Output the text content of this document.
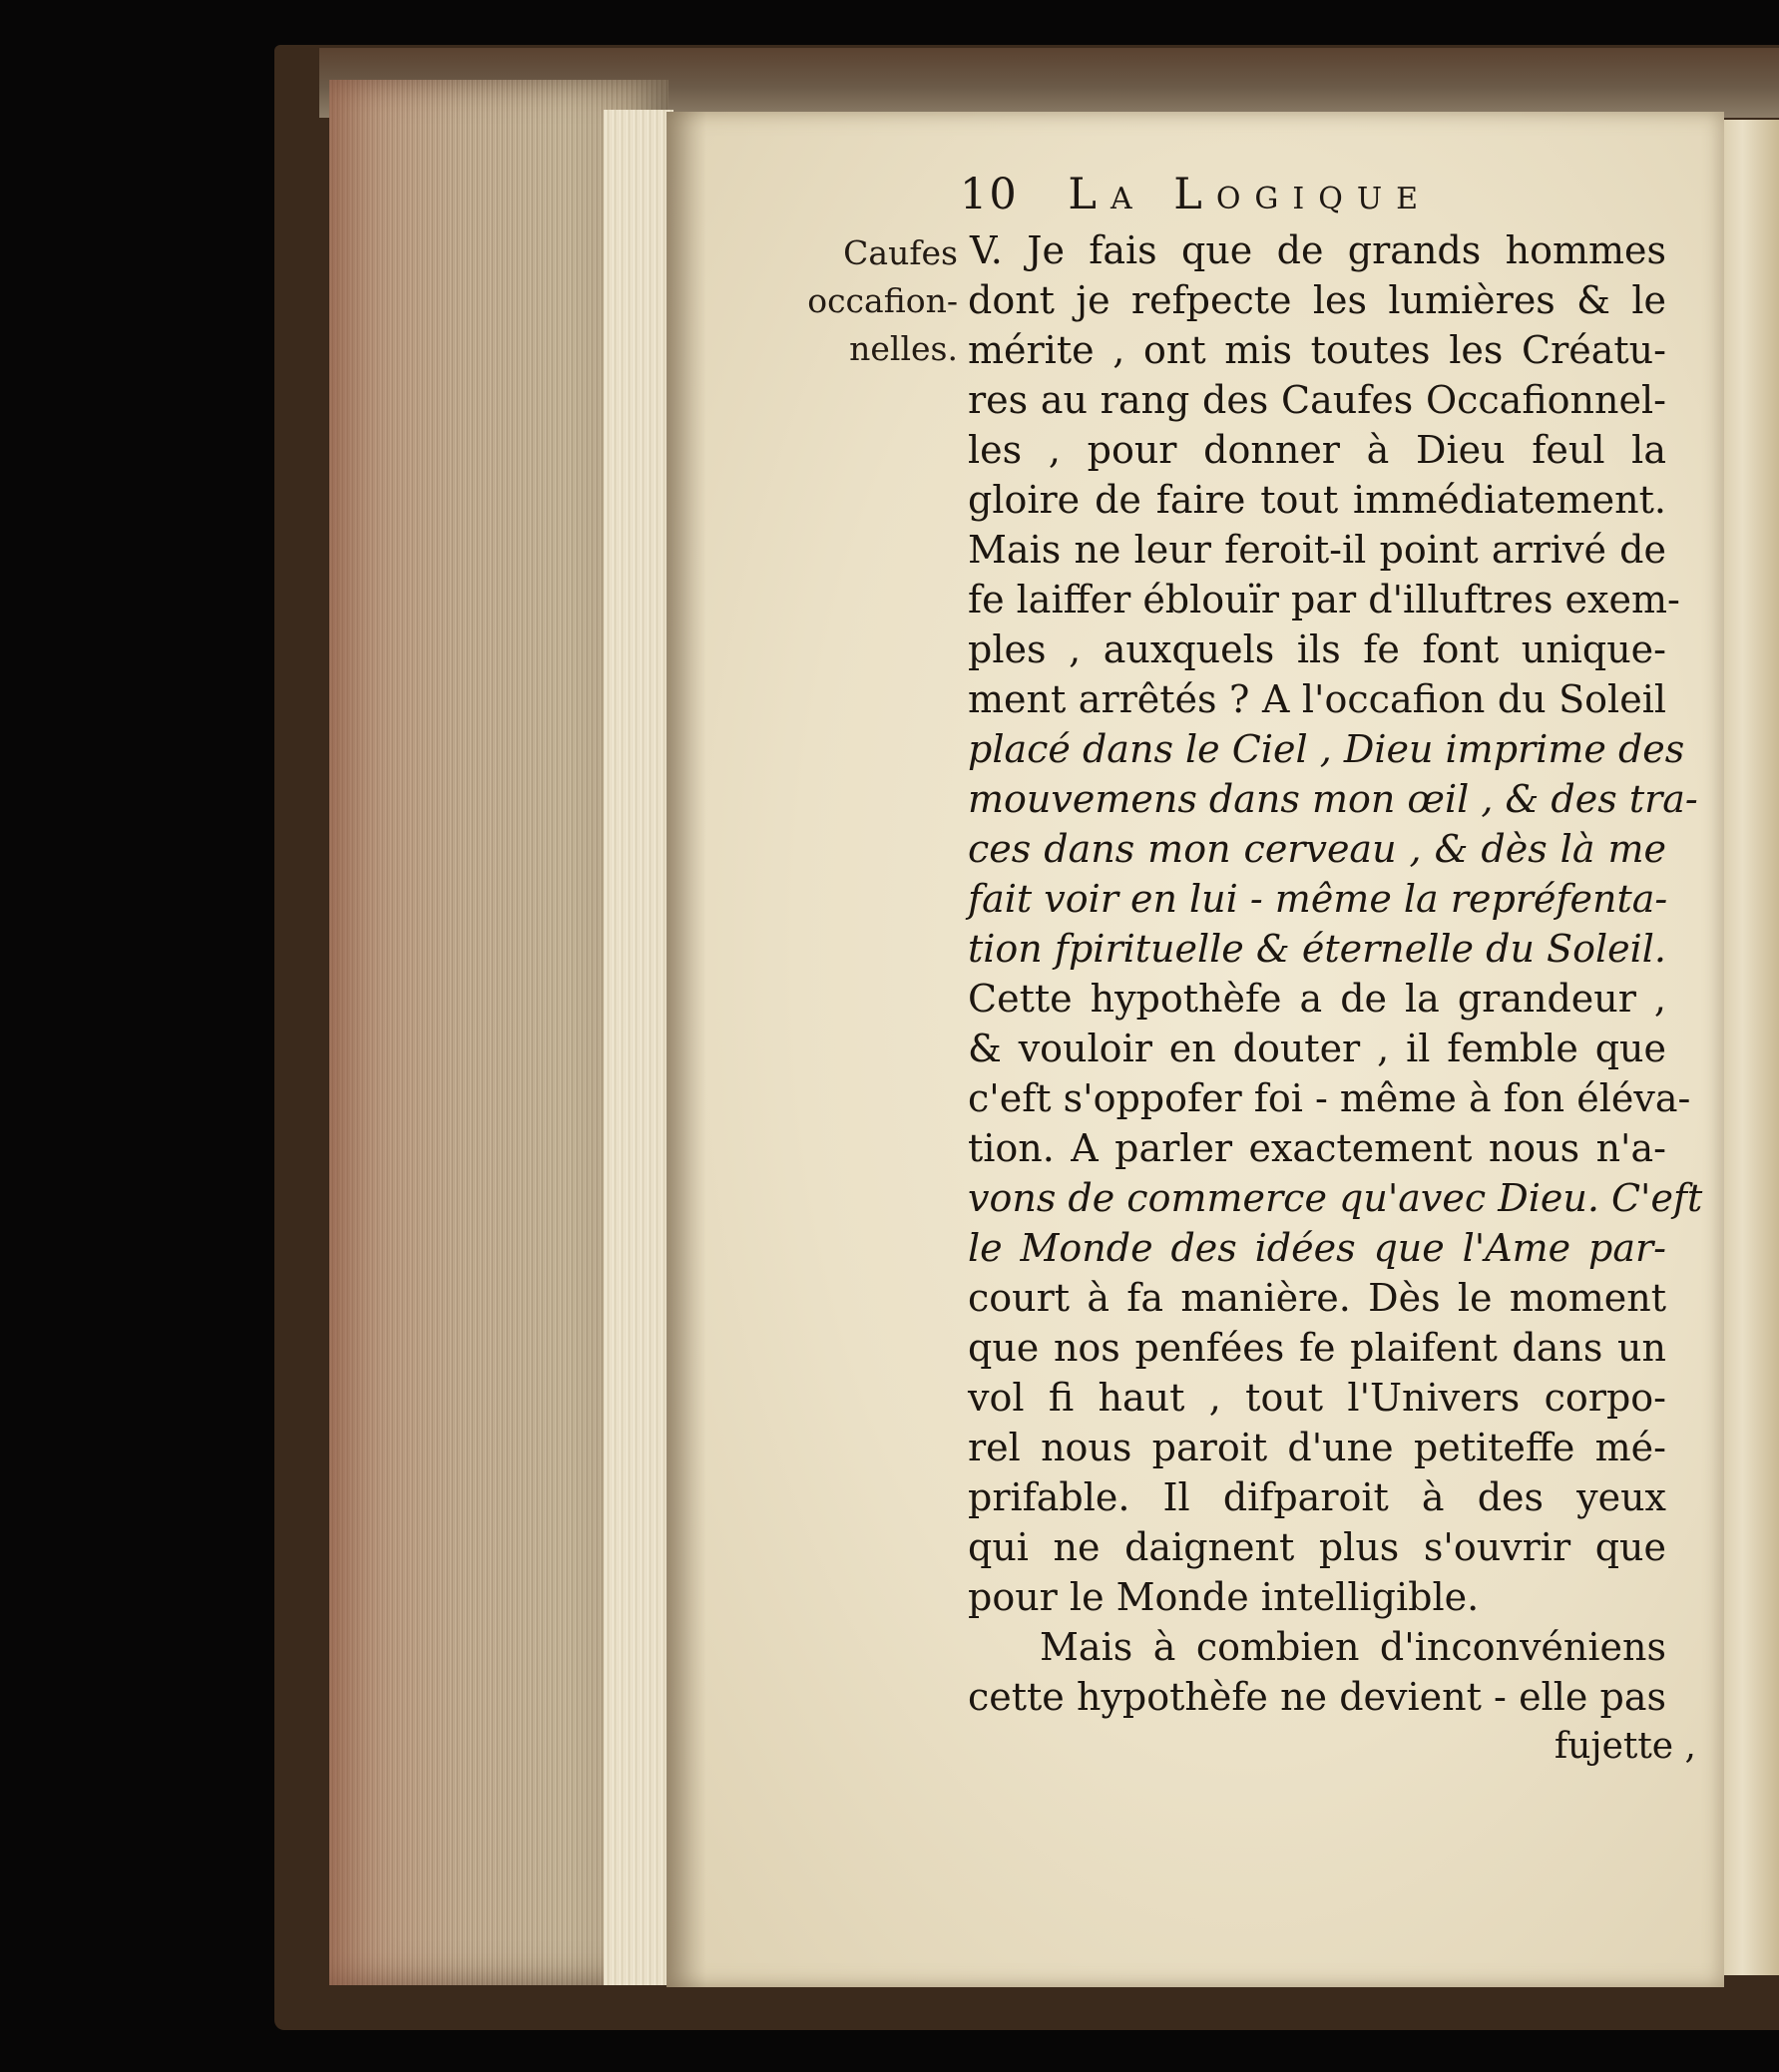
10 La Logique
Caufes
occafion-
nelles.
V. Je fais que de grands hommes
dont je refpecte les lumières & le
mérite , ont mis toutes les Créatu-
res au rang des Caufes Occafionnel-
les , pour donner à Dieu feul la
gloire de faire tout immédiatement.
Mais ne leur feroit-il point arrivé de
fe laiffer éblouïr par d'illuftres exem-
ples , auxquels ils fe font unique-
ment arrêtés ? A l'occafion du Soleil
placé dans le Ciel , Dieu imprime des
mouvemens dans mon œil , & des tra-
ces dans mon cerveau , & dès là me
fait voir en lui - même la repréfenta-
tion fpirituelle & éternelle du Soleil.
Cette hypothèfe a de la grandeur ,
& vouloir en douter , il femble que
c'eft s'oppofer foi - même à fon éléva-
tion. A parler exactement nous n'a-
vons de commerce qu'avec Dieu. C'eft
le Monde des idées que l'Ame par-
court à fa manière. Dès le moment
que nos penfées fe plaifent dans un
vol fi haut , tout l'Univers corpo-
rel nous paroit d'une petiteffe mé-
prifable. Il difparoit à des yeux
qui ne daignent plus s'ouvrir que
pour le Monde intelligible.
Mais à combien d'inconvéniens
cette hypothèfe ne devient - elle pas
fujette ,
